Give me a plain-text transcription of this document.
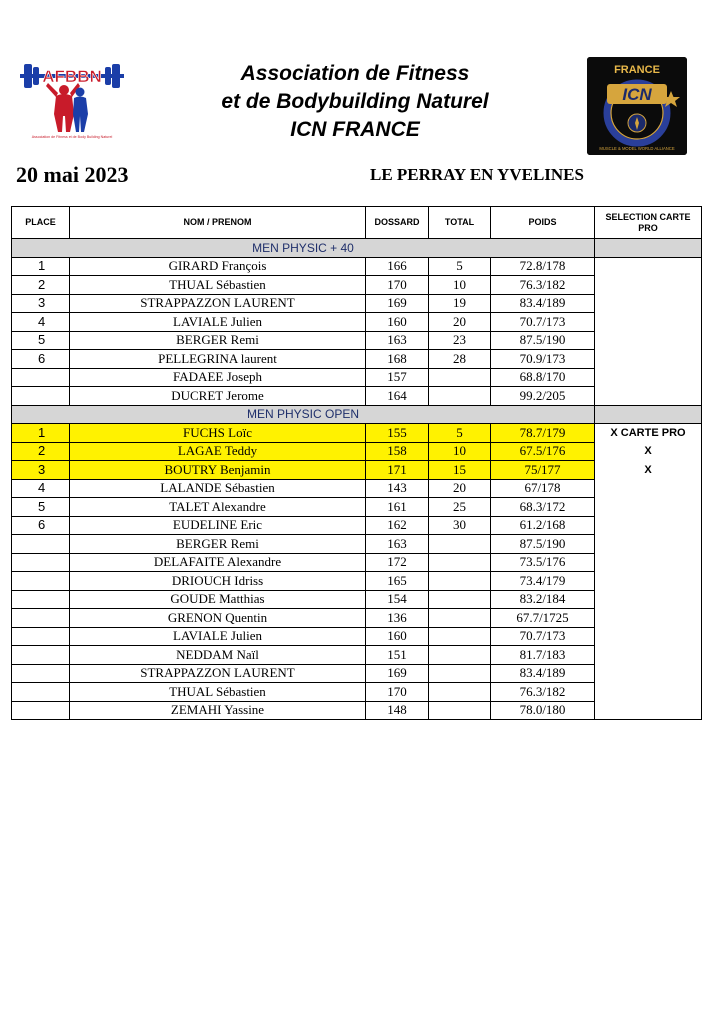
AFBBN
Association de Fitness et de Body Building Naturel
Association de Fitness
et de Bodybuilding Naturel
ICN FRANCE
FRANCE
ICN
MUSCLE & MODEL WORLD ALLIANCE
20 mai 2023	LE PERRAY EN YVELINES
PLACE	NOM / PRENOM	DOSSARD	TOTAL	POIDS	SELECTION CARTE PRO
MEN PHYSIC + 40					
1	GIRARD François	166	5	72.8/178	
2	THUAL Sébastien	170	10	76.3/182	
3	STRAPPAZZON LAURENT	169	19	83.4/189	
4	LAVIALE Julien	160	20	70.7/173	
5	BERGER Remi	163	23	87.5/190	
6	PELLEGRINA laurent	168	28	70.9/173	
	FADAEE Joseph	157		68.8/170	
	DUCRET Jerome	164		99.2/205	
MEN PHYSIC OPEN					
1	FUCHS Loïc	155	5	78.7/179	X CARTE PRO
2	LAGAE Teddy	158	10	67.5/176	X
3	BOUTRY Benjamin	171	15	75/177	X
4	LALANDE Sébastien	143	20	67/178	
5	TALET Alexandre	161	25	68.3/172	
6	EUDELINE Eric	162	30	61.2/168	
	BERGER Remi	163		87.5/190	
	DELAFAITE Alexandre	172		73.5/176	
	DRIOUCH Idriss	165		73.4/179	
	GOUDE Matthias	154		83.2/184	
	GRENON Quentin	136		67.7/1725	
	LAVIALE Julien	160		70.7/173	
	NEDDAM Naïl	151		81.7/183	
	STRAPPAZZON LAURENT	169		83.4/189	
	THUAL Sébastien	170		76.3/182	
	ZEMAHI Yassine	148		78.0/180	
